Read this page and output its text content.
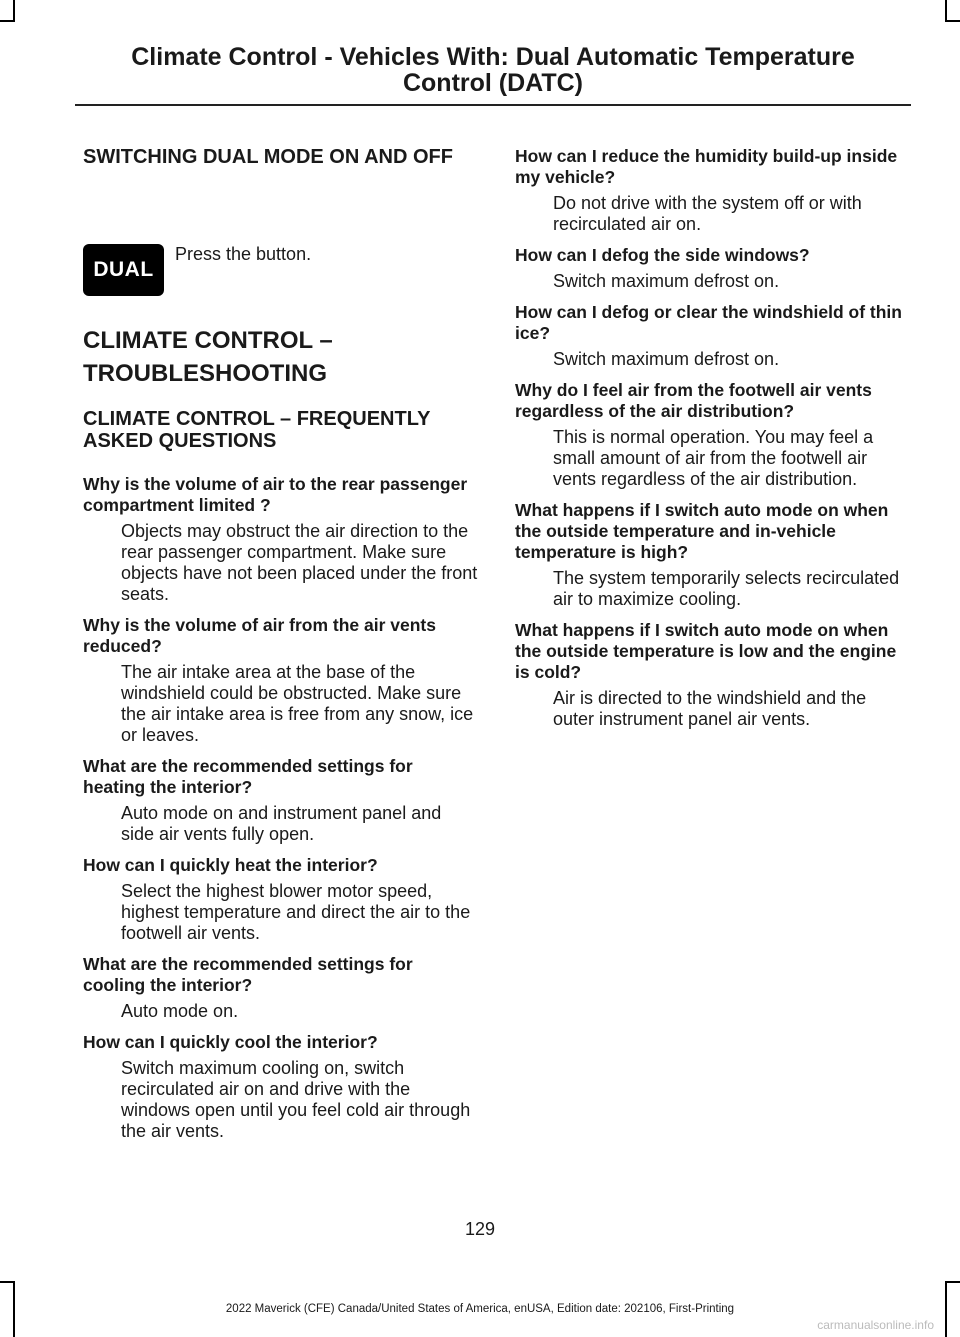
Climate Control - Vehicles With: Dual Automatic Temperature
Control (DATC)
SWITCHING DUAL MODE ON AND OFF
DUAL
Press the button.
CLIMATE CONTROL –
TROUBLESHOOTING
CLIMATE CONTROL – FREQUENTLY ASKED QUESTIONS
Why is the volume of air to the rear passenger compartment limited ?
Objects may obstruct the air direction to the rear passenger compartment. Make sure objects have not been placed under the front seats.
Why is the volume of air from the air vents reduced?
The air intake area at the base of the windshield could be obstructed. Make sure the air intake area is free from any snow, ice or leaves.
What are the recommended settings for heating the interior?
Auto mode on and instrument panel and side air vents fully open.
How can I quickly heat the interior?
Select the highest blower motor speed, highest temperature and direct the air to the footwell air vents.
What are the recommended settings for cooling the interior?
Auto mode on.
How can I quickly cool the interior?
Switch maximum cooling on, switch recirculated air on and drive with the windows open until you feel cold air through the air vents.
How can I reduce the humidity build-up inside my vehicle?
Do not drive with the system off or with recirculated air on.
How can I defog the side windows?
Switch maximum defrost on.
How can I defog or clear the windshield of thin ice?
Switch maximum defrost on.
Why do I feel air from the footwell air vents regardless of the air distribution?
This is normal operation. You may feel a small amount of air from the footwell air vents regardless of the air distribution.
What happens if I switch auto mode on when the outside temperature and in-vehicle temperature is high?
The system temporarily selects recirculated air to maximize cooling.
What happens if I switch auto mode on when the outside temperature is low and the engine is cold?
Air is directed to the windshield and the outer instrument panel air vents.
129
2022 Maverick (CFE) Canada/United States of America, enUSA, Edition date: 202106, First-Printing
carmanualsonline.info
